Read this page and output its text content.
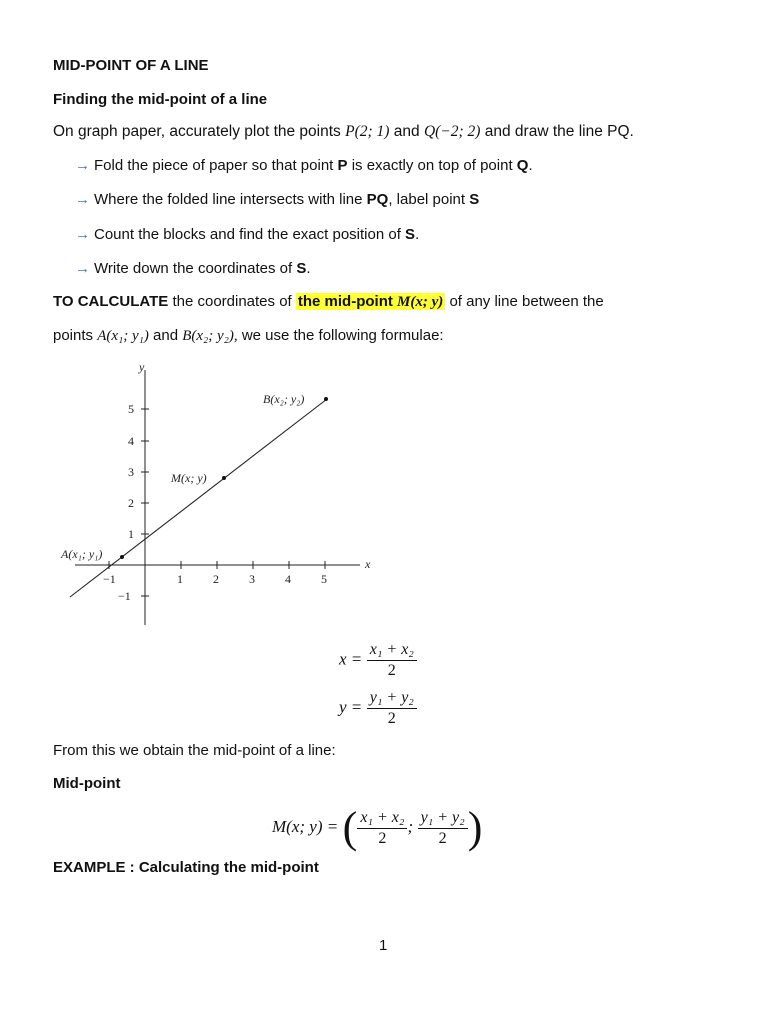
MID-POINT OF A LINE
Finding the mid-point of a line
On graph paper, accurately plot the points P(2; 1) and Q(−2; 2) and draw the line PQ.
→ Fold the piece of paper so that point P is exactly on top of point Q.
→ Where the folded line intersects with line PQ, label point S
→ Count the blocks and find the exact position of S.
→ Write down the coordinates of S.
TO CALCULATE the coordinates of the mid-point M(x; y) of any line between the
points A(x₁; y₁) and B(x₂; y₂), we use the following formulae:
−1	1	2	3	4	5
5
4
3
2
1
−1
y
x
A(x₁; y₁)
M(x; y)
B(x₂; y₂)
$x = \frac{\text{x₁ + x₂}}{2}$
$y = \frac{\text{y₁ + y₂}}{2}$
From this we obtain the mid-point of a line:
Mid-point
M(x; y) = ( $\frac{\text{x₁ + x₂}}{2}$ ; $\frac{\text{y₁ + y₂}}{2}$ )
EXAMPLE : Calculating the mid-point
1
